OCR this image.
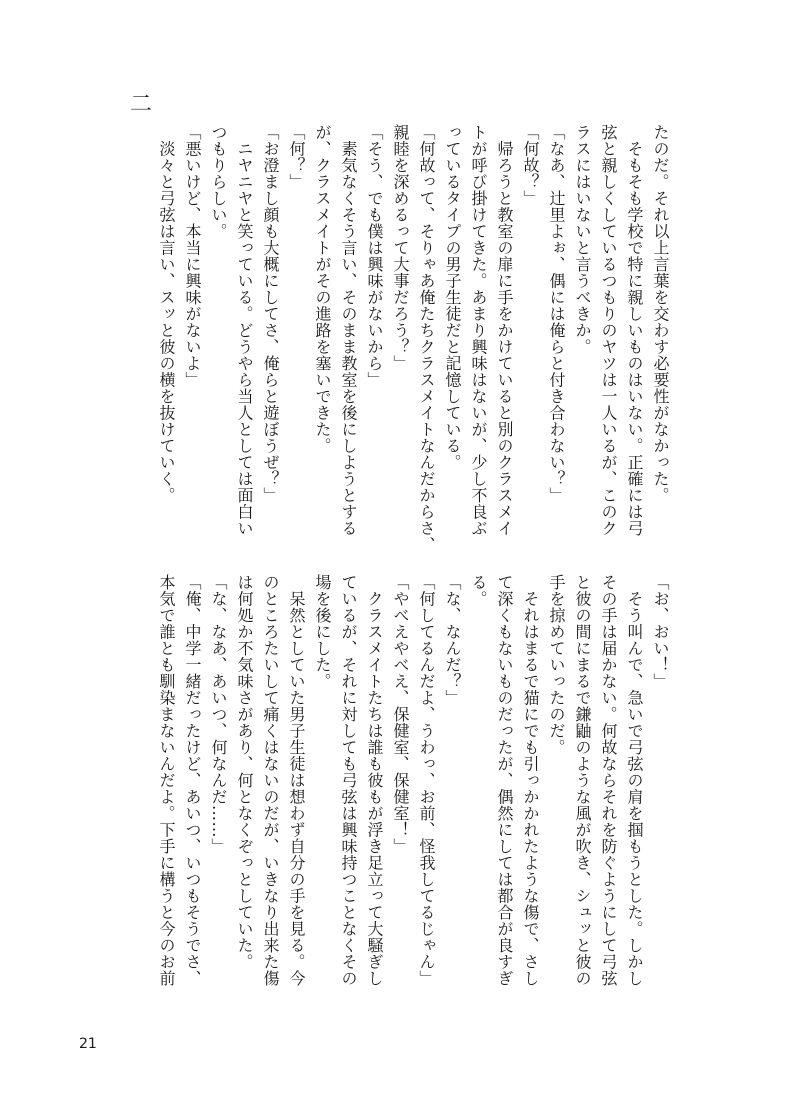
二
たのだ。それ以上言葉を交わす必要性がなかった。
　そもそも学校で特に親しいものはいない。正確には弓
弦と親しくしているつもりのヤツは一人いるが、このク
ラスにはいないと言うべきか。
「なあ、辻里よぉ、偶には俺らと付き合わない？」
「何故？」
　帰ろうと教室の扉に手をかけていると別のクラスメイ
トが呼び掛けてきた。あまり興味はないが、少し不良ぶ
っているタイプの男子生徒だと記憶している。
「何故って、そりゃあ俺たちクラスメイトなんだからさ、
親睦を深めるって大事だろう？」
「そう、でも僕は興味がないから」
　素気なくそう言い、そのまま教室を後にしようとする
が、クラスメイトがその進路を塞いできた。
「何？」
「お澄まし顔も大概にしてさ、俺らと遊ぼうぜ？」
　ニヤニヤと笑っている。どうやら当人としては面白い
つもりらしい。
「悪いけど、本当に興味がないよ」
　淡々と弓弦は言い、スッと彼の横を抜けていく。
「お、おい！」
　そう叫んで、急いで弓弦の肩を掴もうとした。しかし
その手は届かない。何故ならそれを防ぐようにして弓弦
と彼の間にまるで鎌鼬のような風が吹き、シュッと彼の
手を掠めていったのだ。
　それはまるで猫にでも引っかかれたような傷で、さし
て深くもないものだったが、偶然にしては都合が良すぎ
る。
「な、なんだ？」
「何してるんだよ、うわっ、お前、怪我してるじゃん」
「やべえやべえ、保健室、保健室！」
　クラスメイトたちは誰も彼もが浮き足立って大騒ぎし
ているが、それに対しても弓弦は興味持つことなくその
場を後にした。
　呆然としていた男子生徒は想わず自分の手を見る。今
のところたいして痛くはないのだが、いきなり出来た傷
は何処か不気味さがあり、何となくぞっとしていた。
「な、なあ、あいつ、何なんだ……」
「俺、中学一緒だったけど、あいつ、いつもそうでさ、
本気で誰とも馴染まないんだよ。下手に構うと今のお前
21
